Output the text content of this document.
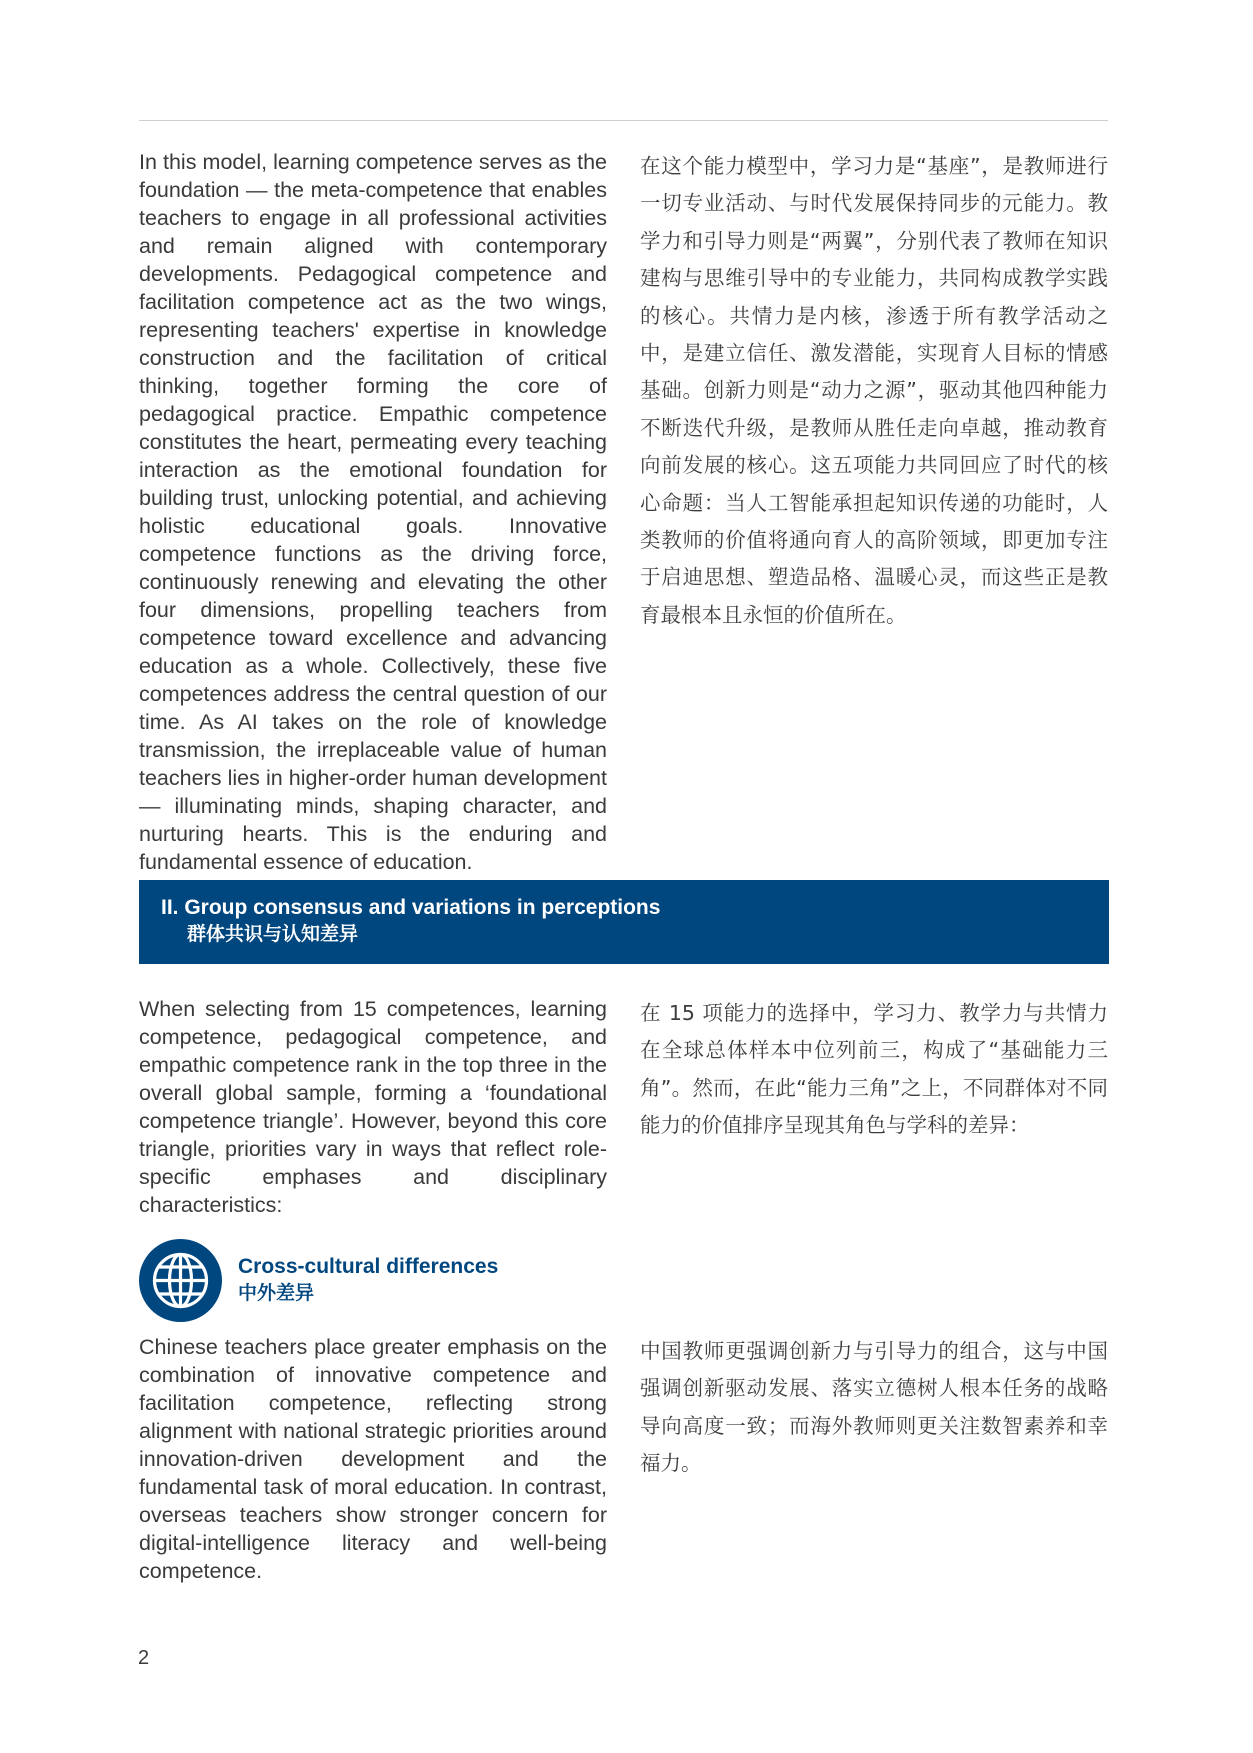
In this model, learning competence serves as the foundation — the meta-competence that enables teachers to engage in all professional activities and remain aligned with contemporary developments. Pedagogical competence and facilitation competence act as the two wings, representing teachers' expertise in knowledge construction and the facilitation of critical thinking, together forming the core of pedagogical practice. Empathic competence constitutes the heart, permeating every teaching interaction as the emotional foundation for building trust, unlocking potential, and achieving holistic educational goals. Innovative competence functions as the driving force, continuously renewing and elevating the other four dimensions, propelling teachers from competence toward excellence and advancing education as a whole. Collectively, these five competences address the central question of our time. As AI takes on the role of knowledge transmission, the irreplaceable value of human teachers lies in higher-order human development — illuminating minds, shaping character, and nurturing hearts. This is the enduring and fundamental essence of education.

在这个能力模型中，学习力是“基座”，是教师进行一切专业活动、与时代发展保持同步的元能力。教学力和引导力则是“两翼”，分别代表了教师在知识建构与思维引导中的专业能力，共同构成教学实践的核心。共情力是内核，渗透于所有教学活动之中，是建立信任、激发潜能，实现育人目标的情感基础。创新力则是“动力之源”，驱动其他四种能力不断迭代升级，是教师从胜任走向卓越，推动教育向前发展的核心。这五项能力共同回应了时代的核心命题：当人工智能承担起知识传递的功能时，人类教师的价值将通向育人的高阶领域，即更加专注于启迪思想、塑造品格、温暖心灵，而这些正是教育最根本且永恒的价值所在。

II. Group consensus and variations in perceptions
群体共识与认知差异

When selecting from 15 competences, learning competence, pedagogical competence, and empathic competence rank in the top three in the overall global sample, forming a ‘foundational competence triangle’. However, beyond this core triangle, priorities vary in ways that reflect role-specific emphases and disciplinary characteristics:

在 15 项能力的选择中，学习力、教学力与共情力在全球总体样本中位列前三，构成了“基础能力三角”。然而，在此“能力三角”之上，不同群体对不同能力的价值排序呈现其角色与学科的差异：

Cross-cultural differences
中外差异

Chinese teachers place greater emphasis on the combination of innovative competence and facilitation competence, reflecting strong alignment with national strategic priorities around innovation-driven development and the fundamental task of moral education. In contrast, overseas teachers show stronger concern for digital-intelligence literacy and well-being competence.

中国教师更强调创新力与引导力的组合，这与中国强调创新驱动发展、落实立德树人根本任务的战略导向高度一致；而海外教师则更关注数智素养和幸福力。

2
